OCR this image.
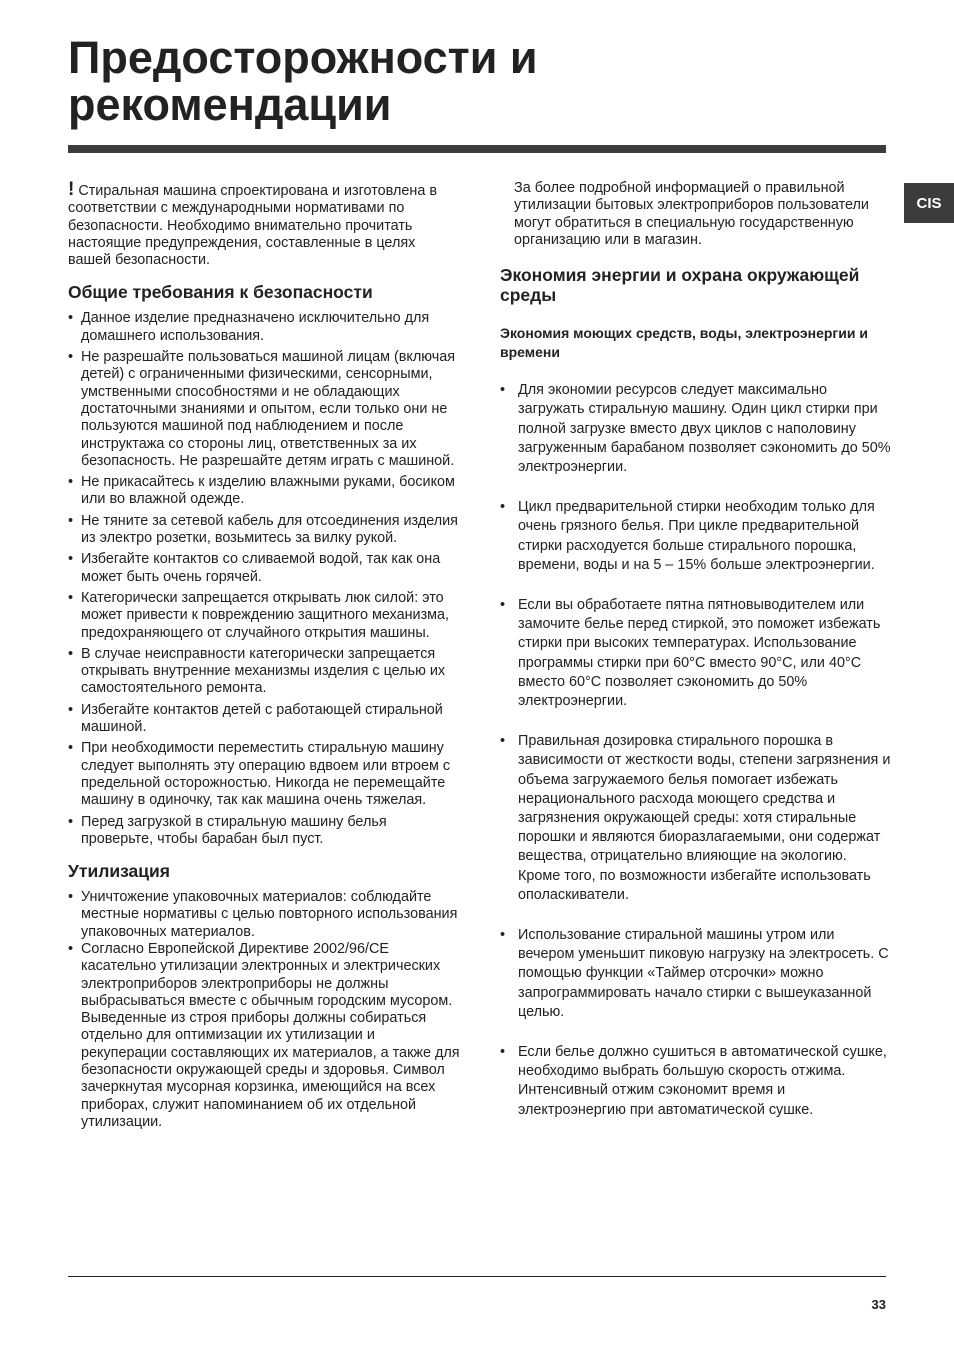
Предосторожности и
рекомендации
CIS

! Стиральная машина спроектирована и изготовлена в соответствии с международными нормативами по безопасности. Необходимо внимательно прочитать настоящие предупреждения, составленные в целях вашей безопасности.

Общие требования к безопасности
• Данное изделие предназначено исключительно для домашнего использования.
• Не разрешайте пользоваться машиной лицам (включая детей) с ограниченными физическими, сенсорными, умственными способностями и не обладающих достаточными знаниями и опытом, если только они не пользуются машиной под наблюдением и после инструктажа со стороны лиц, ответственных за их безопасность. Не разрешайте детям играть с машиной.
• Не прикасайтесь к изделию влажными руками, босиком или во влажной одежде.
• Не тяните за сетевой кабель для отсоединения изделия из электро розетки, возьмитесь за вилку рукой.
• Избегайте контактов со сливаемой водой, так как она может быть очень горячей.
• Категорически запрещается открывать люк силой: это может привести к повреждению защитного механизма, предохраняющего от случайного открытия машины.
• В случае неисправности категорически запрещается открывать внутренние механизмы изделия с целью их самостоятельного ремонта.
• Избегайте контактов детей с работающей стиральной машиной.
• При необходимости переместить стиральную машину следует выполнять эту операцию вдвоем или втроем с предельной осторожностью. Никогда не перемещайте машину в одиночку, так как машина очень тяжелая.
• Перед загрузкой в стиральную машину белья проверьте, чтобы барабан был пуст.
Утилизация
• Уничтожение упаковочных материалов: соблюдайте местные нормативы с целью повторного использования упаковочных материалов.
• Согласно Европейской Директиве 2002/96/CE касательно утилизации электронных и электрических электроприборов электроприборы не должны выбрасываться вместе с обычным городским мусором. Выведенные из строя приборы должны собираться отдельно для оптимизации их утилизации и рекуперации составляющих их материалов, а также для безопасности окружающей среды и здоровья. Символ зачеркнутая мусорная корзинка, имеющийся на всех приборах, служит напоминанием об их отдельной утилизации.

За более подробной информацией о правильной утилизации бытовых электроприборов пользователи могут обратиться в специальную государственную организацию или в магазин.

Экономия энергии и охрана окружающей среды
Экономия моющих средств, воды, электроэнергии и времени
• Для экономии ресурсов следует максимально загружать стиральную машину. Один цикл стирки при полной загрузке вместо двух циклов с наполовину загруженным барабаном позволяет сэкономить до 50% электроэнергии.
• Цикл предварительной стирки необходим только для очень грязного белья. При цикле предварительной стирки расходуется больше стирального порошка, времени, воды и на 5 – 15% больше электроэнергии.
• Если вы обработаете пятна пятновыводителем или замочите белье перед стиркой, это поможет избежать стирки при высоких температурах. Использование программы стирки при 60°C вместо 90°C, или 40°C вместо 60°C позволяет сэкономить до 50% электроэнергии.
• Правильная дозировка стирального порошка в зависимости от жесткости воды, степени загрязнения и объема загружаемого белья помогает избежать нерационального расхода моющего средства и загрязнения окружающей среды: хотя стиральные порошки и являются биоразлагаемыми, они содержат вещества, отрицательно влияющие на экологию. Кроме того, по возможности избегайте использовать ополаскиватели.
• Использование стиральной машины утром или вечером уменьшит пиковую нагрузку на электросеть. С помощью функции «Таймер отсрочки» можно запрограммировать начало стирки с вышеуказанной целью.
• Если белье должно сушиться в автоматической сушке, необходимо выбрать большую скорость отжима. Интенсивный отжим сэкономит время и электроэнергию при автоматической сушке.
33
